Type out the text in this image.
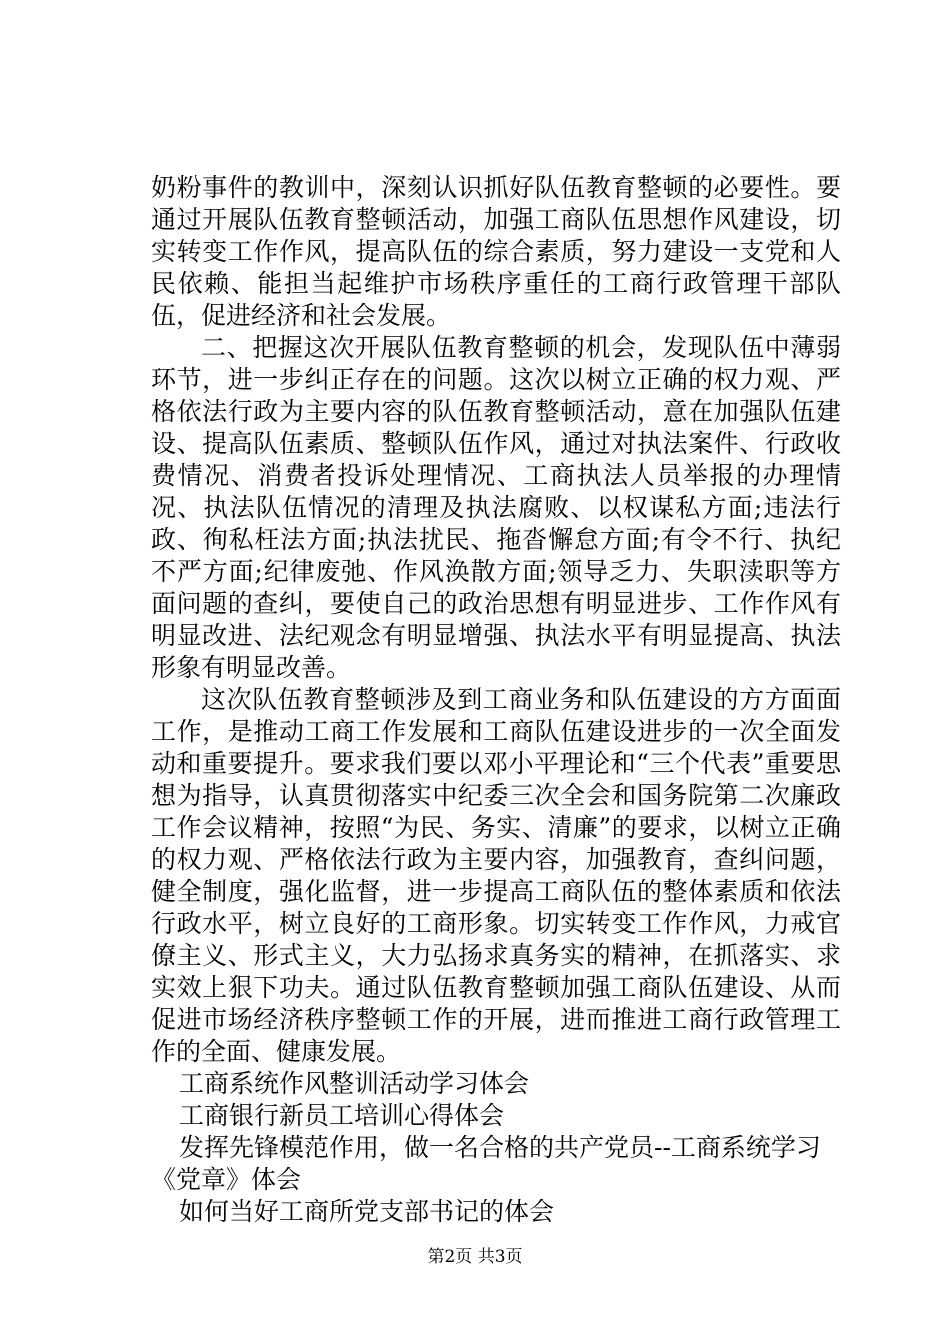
奶粉事件的教训中，深刻认识抓好队伍教育整顿的必要性。要通过开展队伍教育整顿活动，加强工商队伍思想作风建设，切实转变工作作风，提高队伍的综合素质，努力建设一支党和人民依赖、能担当起维护市场秩序重任的工商行政管理干部队伍，促进经济和社会发展。

二、把握这次开展队伍教育整顿的机会，发现队伍中薄弱环节，进一步纠正存在的问题。这次以树立正确的权力观、严格依法行政为主要内容的队伍教育整顿活动，意在加强队伍建设、提高队伍素质、整顿队伍作风，通过对执法案件、行政收费情况、消费者投诉处理情况、工商执法人员举报的办理情况、执法队伍情况的清理及执法腐败、以权谋私方面;违法行政、徇私枉法方面;执法扰民、拖沓懈怠方面;有令不行、执纪不严方面;纪律废弛、作风涣散方面;领导乏力、失职渎职等方面问题的查纠，要使自己的政治思想有明显进步、工作作风有明显改进、法纪观念有明显增强、执法水平有明显提高、执法形象有明显改善。

这次队伍教育整顿涉及到工商业务和队伍建设的方方面面工作，是推动工商工作发展和工商队伍建设进步的一次全面发动和重要提升。要求我们要以邓小平理论和“三个代表”重要思想为指导，认真贯彻落实中纪委三次全会和国务院第二次廉政工作会议精神，按照“为民、务实、清廉”的要求，以树立正确的权力观、严格依法行政为主要内容，加强教育，查纠问题，健全制度，强化监督，进一步提高工商队伍的整体素质和依法行政水平，树立良好的工商形象。切实转变工作作风，力戒官僚主义、形式主义，大力弘扬求真务实的精神，在抓落实、求实效上狠下功夫。通过队伍教育整顿加强工商队伍建设、从而促进市场经济秩序整顿工作的开展，进而推进工商行政管理工作的全面、健康发展。

工商系统作风整训活动学习体会

工商银行新员工培训心得体会

发挥先锋模范作用，做一名合格的共产党员--工商系统学习《党章》体会

如何当好工商所党支部书记的体会

第2页 共3页
